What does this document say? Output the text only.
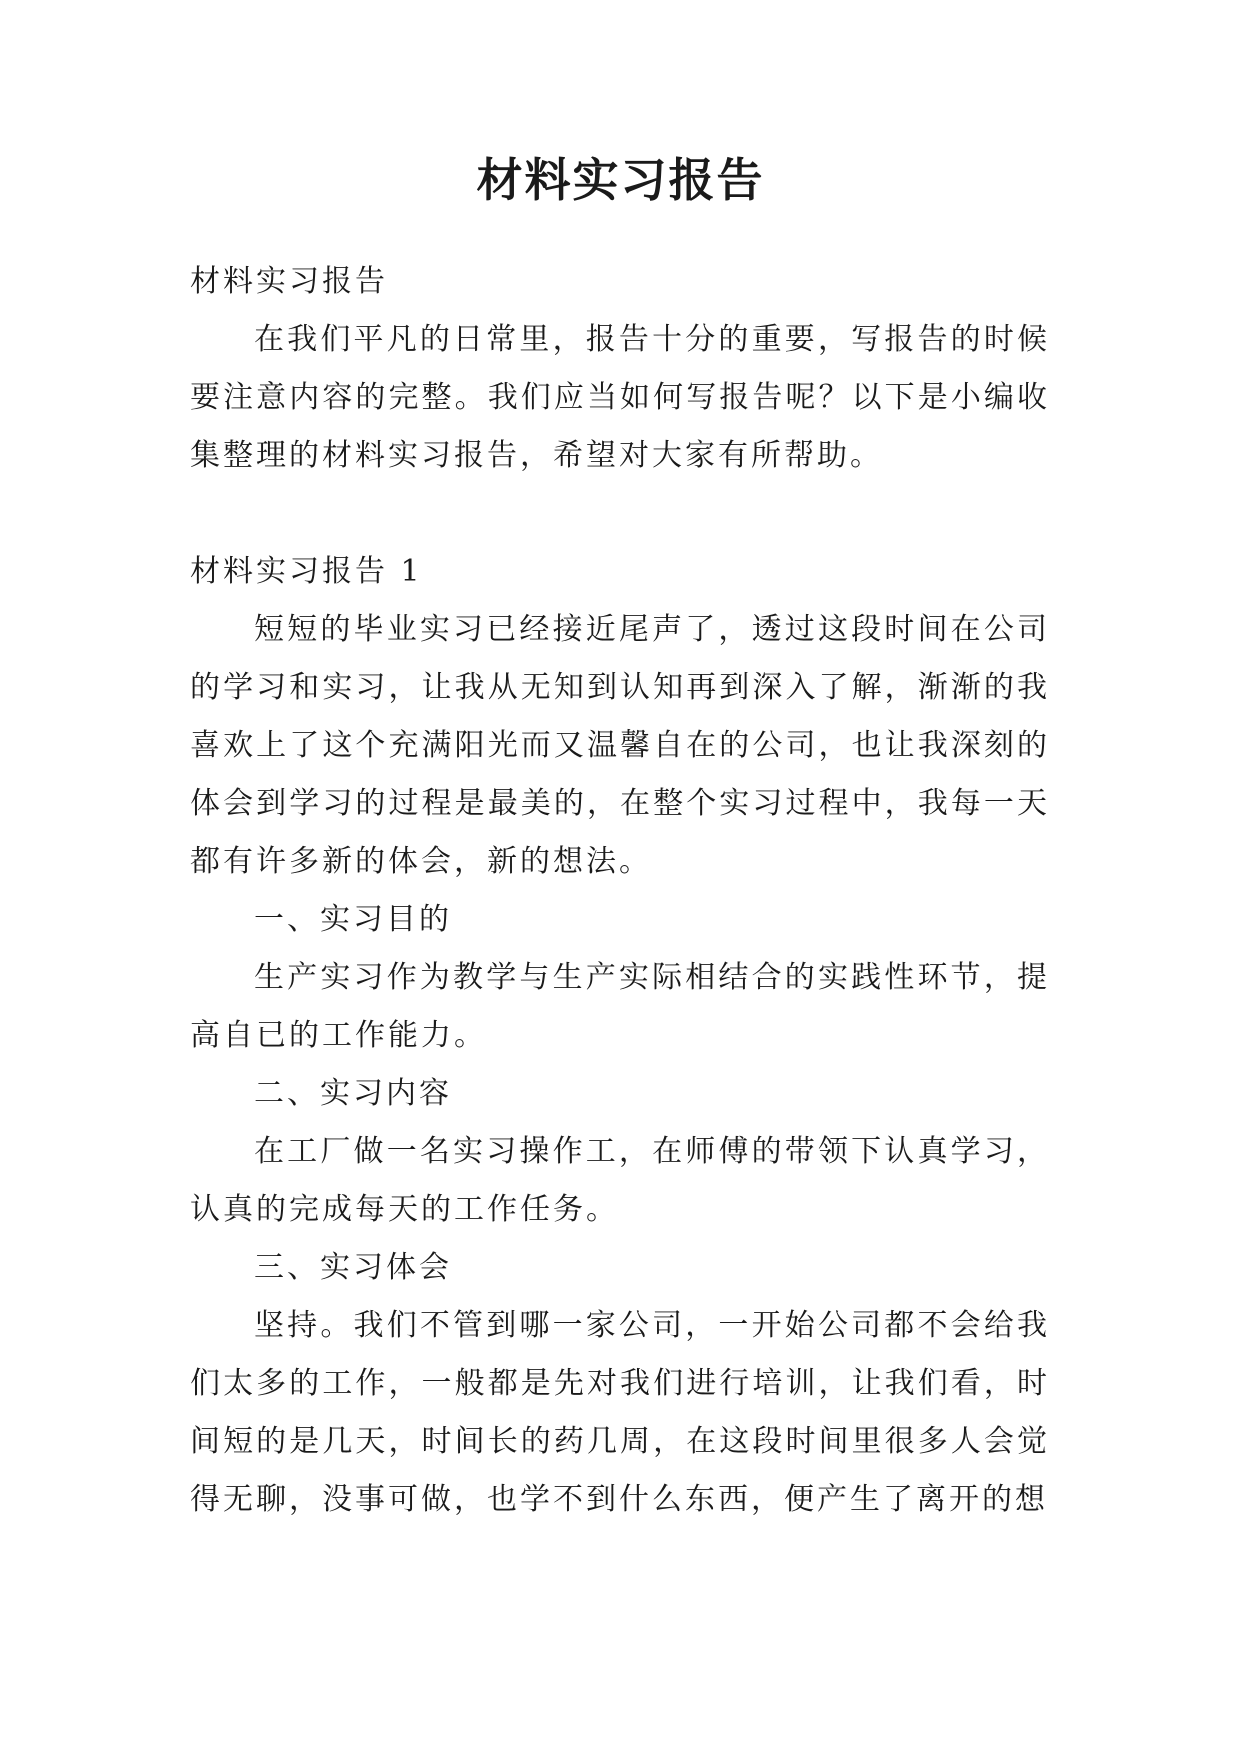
材料实习报告

材料实习报告

在我们平凡的日常里，报告十分的重要，写报告的时候要注意内容的完整。我们应当如何写报告呢？以下是小编收集整理的材料实习报告，希望对大家有所帮助。

材料实习报告 1

短短的毕业实习已经接近尾声了，透过这段时间在公司的学习和实习，让我从无知到认知再到深入了解，渐渐的我喜欢上了这个充满阳光而又温馨自在的公司，也让我深刻的体会到学习的过程是最美的，在整个实习过程中，我每一天都有许多新的体会，新的想法。

一、实习目的

生产实习作为教学与生产实际相结合的实践性环节，提高自已的工作能力。

二、实习内容

在工厂做一名实习操作工，在师傅的带领下认真学习，认真的完成每天的工作任务。

三、实习体会

坚持。我们不管到哪一家公司，一开始公司都不会给我们太多的工作，一般都是先对我们进行培训，让我们看，时间短的是几天，时间长的药几周，在这段时间里很多人会觉得无聊，没事可做，也学不到什么东西，便产生了离开的想
